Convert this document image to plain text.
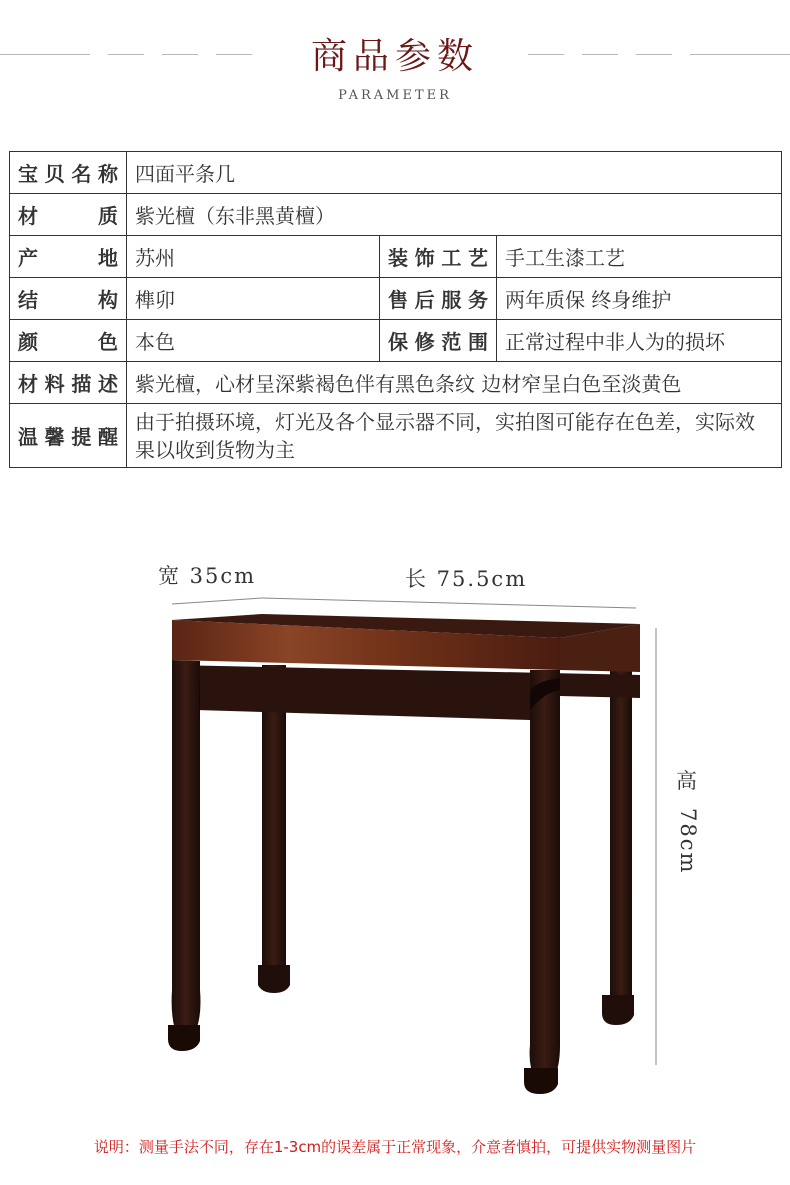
商品参数
PARAMETER
宝贝名称	四面平条几		
材　　质	紫光檀（东非黑黄檀）		
产　　地	苏州	装饰工艺	手工生漆工艺
结　　构	榫卯	售后服务	两年质保 终身维护
颜　　色	本色	保修范围	正常过程中非人为的损坏
材料描述	紫光檀，心材呈深紫褐色伴有黑色条纹 边材窄呈白色至淡黄色		
温馨提醒	由于拍摄环境，灯光及各个显示器不同，实拍图可能存在色差，实际效果以收到货物为主		
宽 35cm	长 75.5cm
高
78cm
说明：测量手法不同，存在1-3cm的误差属于正常现象，介意者慎拍，可提供实物测量图片
